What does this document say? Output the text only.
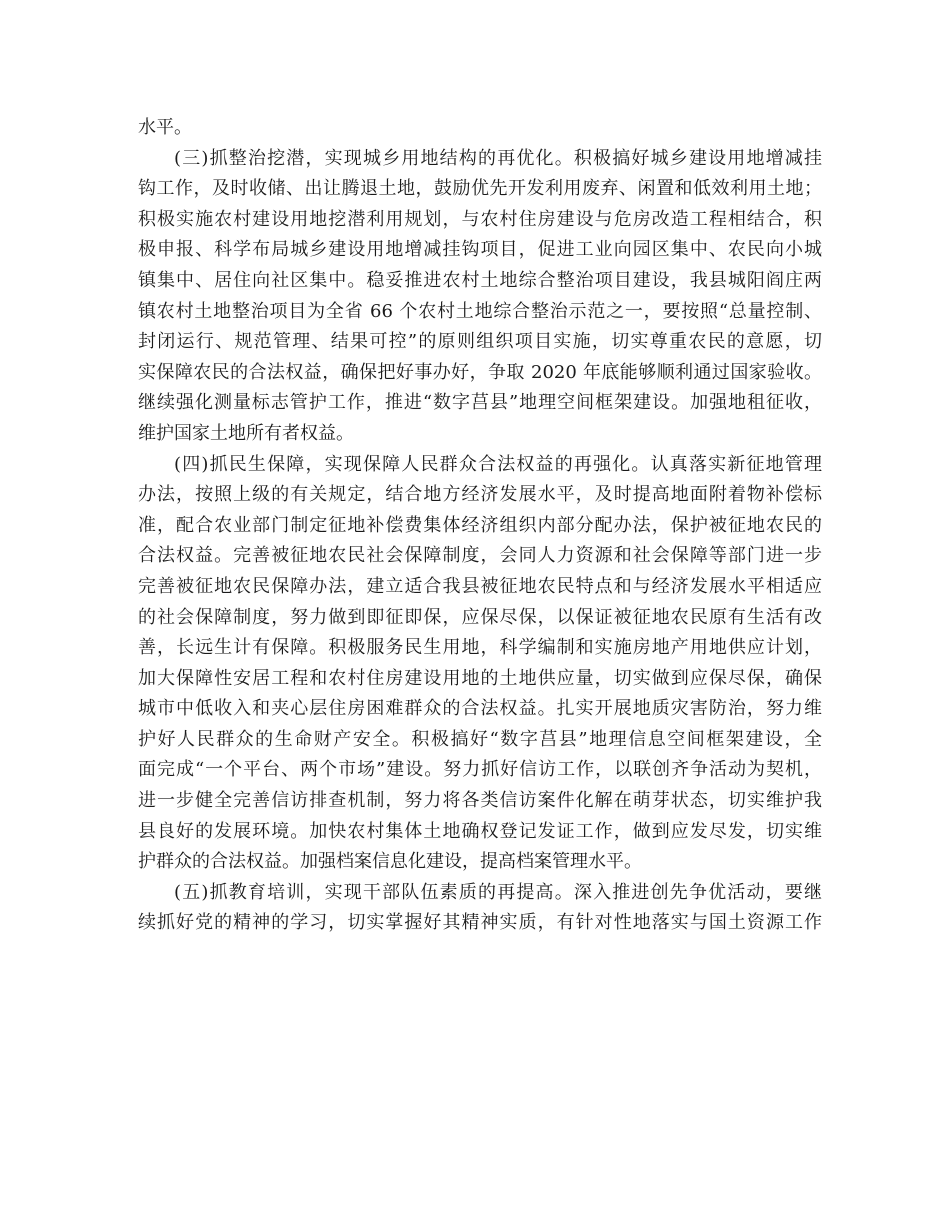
水平。
(三)抓整治挖潜，实现城乡用地结构的再优化。积极搞好城乡建设用地增减挂
钩工作，及时收储、出让腾退土地，鼓励优先开发利用废弃、闲置和低效利用土地；
积极实施农村建设用地挖潜利用规划，与农村住房建设与危房改造工程相结合，积
极申报、科学布局城乡建设用地增减挂钩项目，促进工业向园区集中、农民向小城
镇集中、居住向社区集中。稳妥推进农村土地综合整治项目建设，我县城阳阎庄两
镇农村土地整治项目为全省 66 个农村土地综合整治示范之一，要按照“总量控制、
封闭运行、规范管理、结果可控”的原则组织项目实施，切实尊重农民的意愿，切
实保障农民的合法权益，确保把好事办好，争取 2020 年底能够顺利通过国家验收。
继续强化测量标志管护工作，推进“数字莒县”地理空间框架建设。加强地租征收，
维护国家土地所有者权益。
(四)抓民生保障，实现保障人民群众合法权益的再强化。认真落实新征地管理
办法，按照上级的有关规定，结合地方经济发展水平，及时提高地面附着物补偿标
准，配合农业部门制定征地补偿费集体经济组织内部分配办法，保护被征地农民的
合法权益。完善被征地农民社会保障制度，会同人力资源和社会保障等部门进一步
完善被征地农民保障办法，建立适合我县被征地农民特点和与经济发展水平相适应
的社会保障制度，努力做到即征即保，应保尽保，以保证被征地农民原有生活有改
善，长远生计有保障。积极服务民生用地，科学编制和实施房地产用地供应计划，
加大保障性安居工程和农村住房建设用地的土地供应量，切实做到应保尽保，确保
城市中低收入和夹心层住房困难群众的合法权益。扎实开展地质灾害防治，努力维
护好人民群众的生命财产安全。积极搞好“数字莒县”地理信息空间框架建设，全
面完成“一个平台、两个市场”建设。努力抓好信访工作，以联创齐争活动为契机，
进一步健全完善信访排查机制，努力将各类信访案件化解在萌芽状态，切实维护我
县良好的发展环境。加快农村集体土地确权登记发证工作，做到应发尽发，切实维
护群众的合法权益。加强档案信息化建设，提高档案管理水平。
(五)抓教育培训，实现干部队伍素质的再提高。深入推进创先争优活动，要继
续抓好党的精神的学习，切实掌握好其精神实质，有针对性地落实与国土资源工作
